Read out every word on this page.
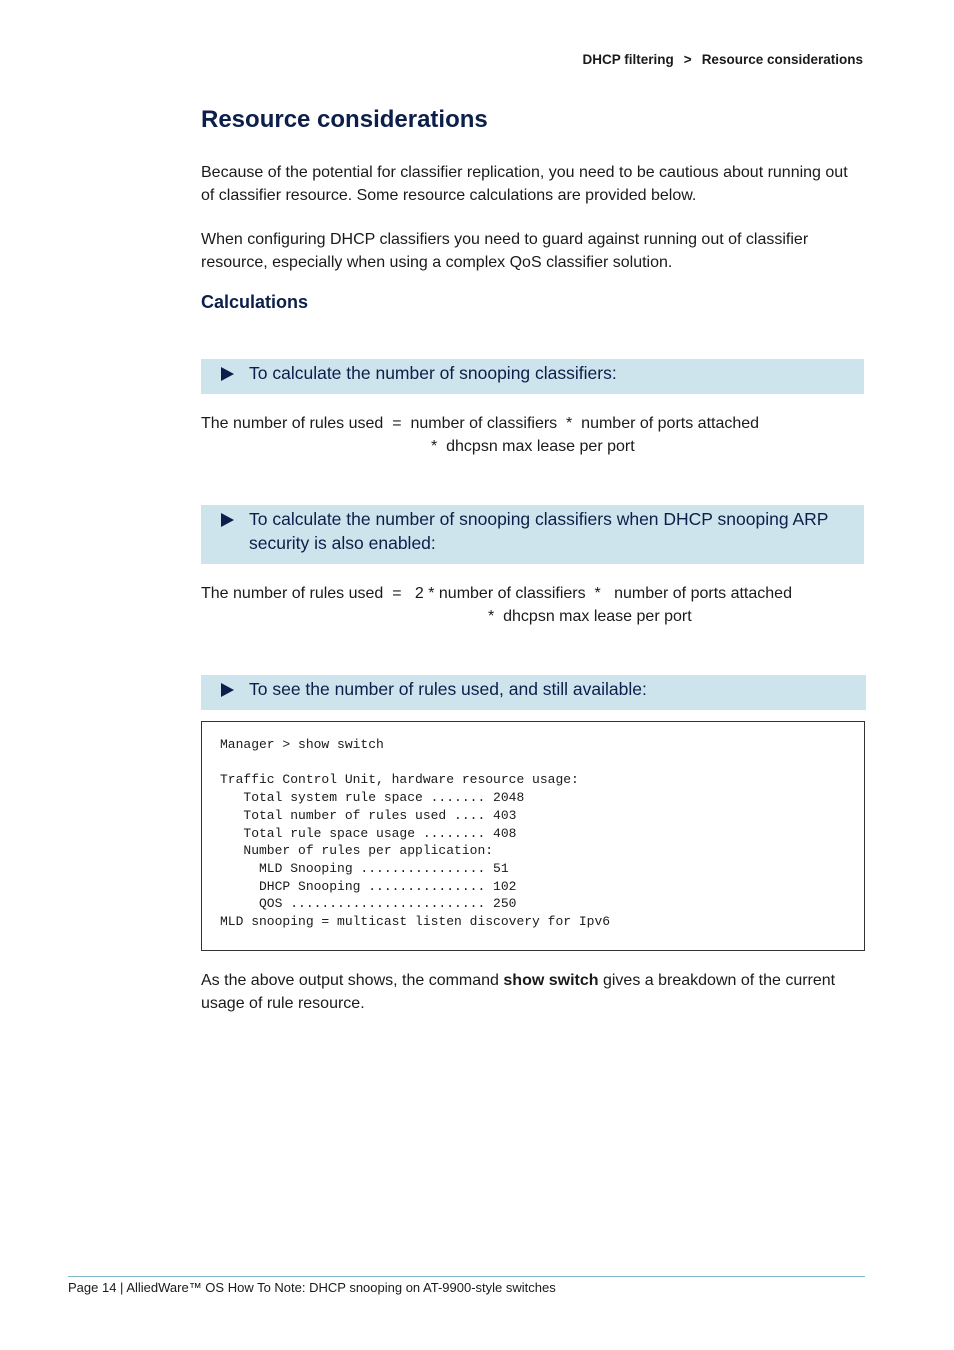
DHCP filtering > Resource considerations
Resource considerations

Because of the potential for classifier replication, you need to be cautious about running out of classifier resource. Some resource calculations are provided below.

When configuring DHCP classifiers you need to guard against running out of classifier resource, especially when using a complex QoS classifier solution.

Calculations
To calculate the number of snooping classifiers:
The number of rules used  =  number of classifiers  *  number of ports attached
*  dhcpsn max lease per port
To calculate the number of snooping classifiers when DHCP snooping ARP security is also enabled:
The number of rules used  =   2 * number of classifiers  *   number of ports attached
*  dhcpsn max lease per port
To see the number of rules used, and still available:
Manager > show switch

Traffic Control Unit, hardware resource usage:
Total system rule space ....... 2048
Total number of rules used .... 403
Total rule space usage ........ 408
Number of rules per application:
MLD Snooping ................ 51
DHCP Snooping ............... 102
QOS ......................... 250
MLD snooping = multicast listen discovery for Ipv6

As the above output shows, the command show switch gives a breakdown of the current usage of rule resource.

Page 14 | AlliedWare™ OS How To Note: DHCP snooping on AT-9900-style switches
